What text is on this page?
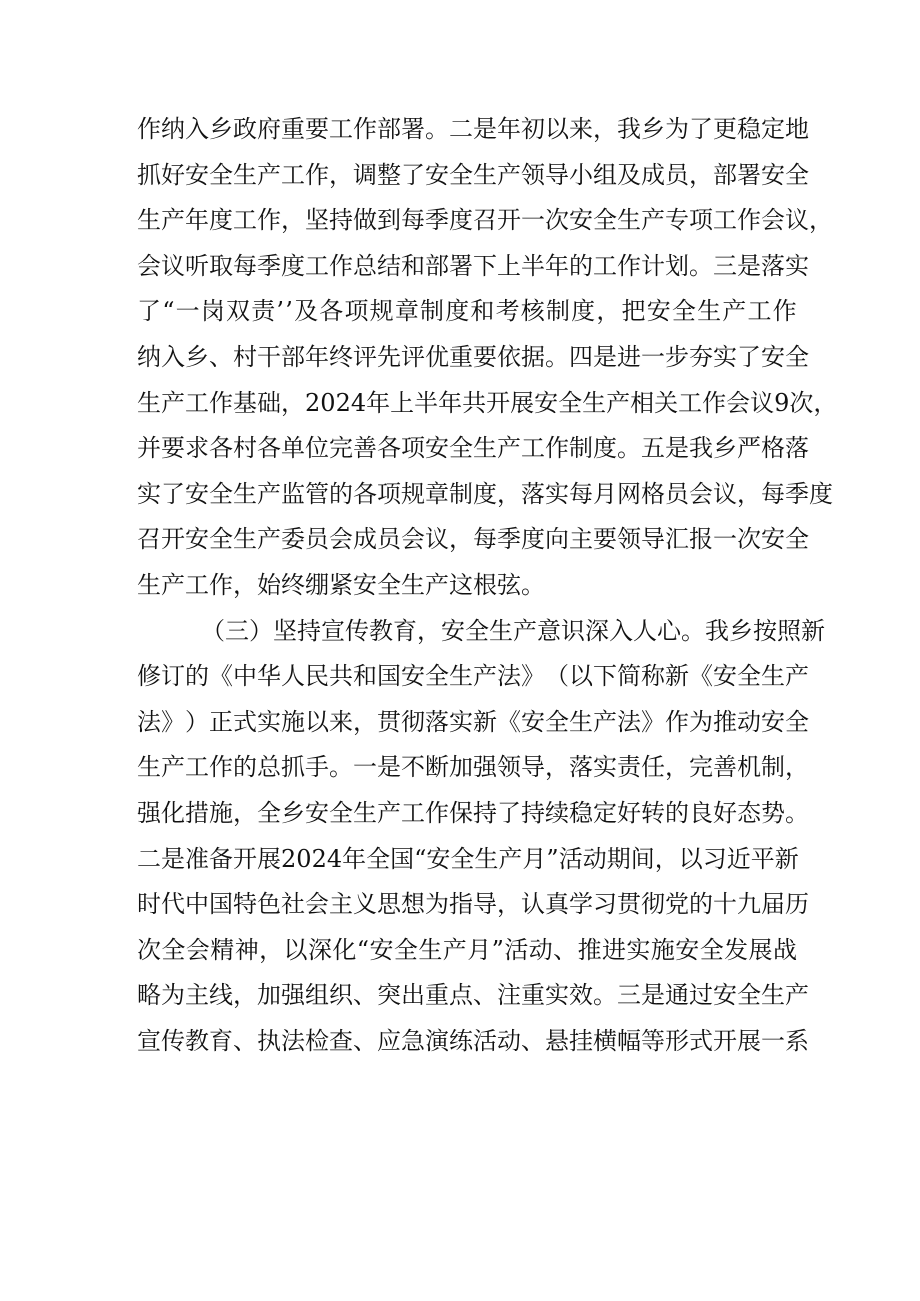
作 纳 入 乡 政 府 重 要 工 作 部 署 。 二 是 年 初 以 来 ， 我 乡 为 了 更 稳 定 地
抓 好 安 全 生 产 工 作 ， 调 整 了 安 全 生 产 领 导 小 组 及 成 员 ， 部 署 安 全
生 产 年 度 工 作 ， 坚 持 做 到 每 季 度 召 开 一 次 安 全 生 产 专 项 工 作 会 议 ，
会 议 听 取 每 季 度 工 作 总 结 和 部 署 下 上 半 年 的 工 作 计 划 。 三 是 落 实
了 “ 一 岗 双 责 ’ ’ 及 各 项 规 章 制 度 和 考 核 制 度 ， 把 安 全 生 产 工 作
纳 入 乡 、 村 干 部 年 终 评 先 评 优 重 要 依 据 。 四 是 进 一 步 夯 实 了 安 全
生 产 工 作 基 础 ， 2 0 2 4 年 上 半 年 共 开 展 安 全 生 产 相 关 工 作 会 议 9 次 ，
并 要 求 各 村 各 单 位 完 善 各 项 安 全 生 产 工 作 制 度 。 五 是 我 乡 严 格 落
实 了 安 全 生 产 监 管 的 各 项 规 章 制 度 ， 落 实 每 月 网 格 员 会 议 ， 每 季 度
召 开 安 全 生 产 委 员 会 成 员 会 议 ， 每 季 度 向 主 要 领 导 汇 报 一 次 安 全
生产工作，始终绷紧安全生产这根弦。
（ 三 ） 坚 持 宣 传 教 育 ， 安 全 生 产 意 识 深 入 人 心 。 我 乡 按 照 新
修 订 的 《 中 华 人 民 共 和 国 安 全 生 产 法 》 （ 以 下 简 称 新 《 安 全 生 产
法 》 ） 正 式 实 施 以 来 ， 贯 彻 落 实 新 《 安 全 生 产 法 》 作 为 推 动 安 全
生 产 工 作 的 总 抓 手 。 一 是 不 断 加 强 领 导 ， 落 实 责 任 ， 完 善 机 制 ，
强 化 措 施 ， 全 乡 安 全 生 产 工 作 保 持 了 持 续 稳 定 好 转 的 良 好 态 势 。
二 是 准 备 开 展 2 0 2 4 年 全 国 “ 安 全 生 产 月 ” 活 动 期 间 ， 以 习 近 平 新
时 代 中 国 特 色 社 会 主 义 思 想 为 指 导 ， 认 真 学 习 贯 彻 党 的 十 九 届 历
次 全 会 精 神 ， 以 深 化 “ 安 全 生 产 月 ” 活 动 、 推 进 实 施 安 全 发 展 战
略 为 主 线 ， 加 强 组 织 、 突 出 重 点 、 注 重 实 效 。 三 是 通 过 安 全 生 产
宣 传 教 育 、 执 法 检 查 、 应 急 演 练 活 动 、 悬 挂 横 幅 等 形 式 开 展 一 系
